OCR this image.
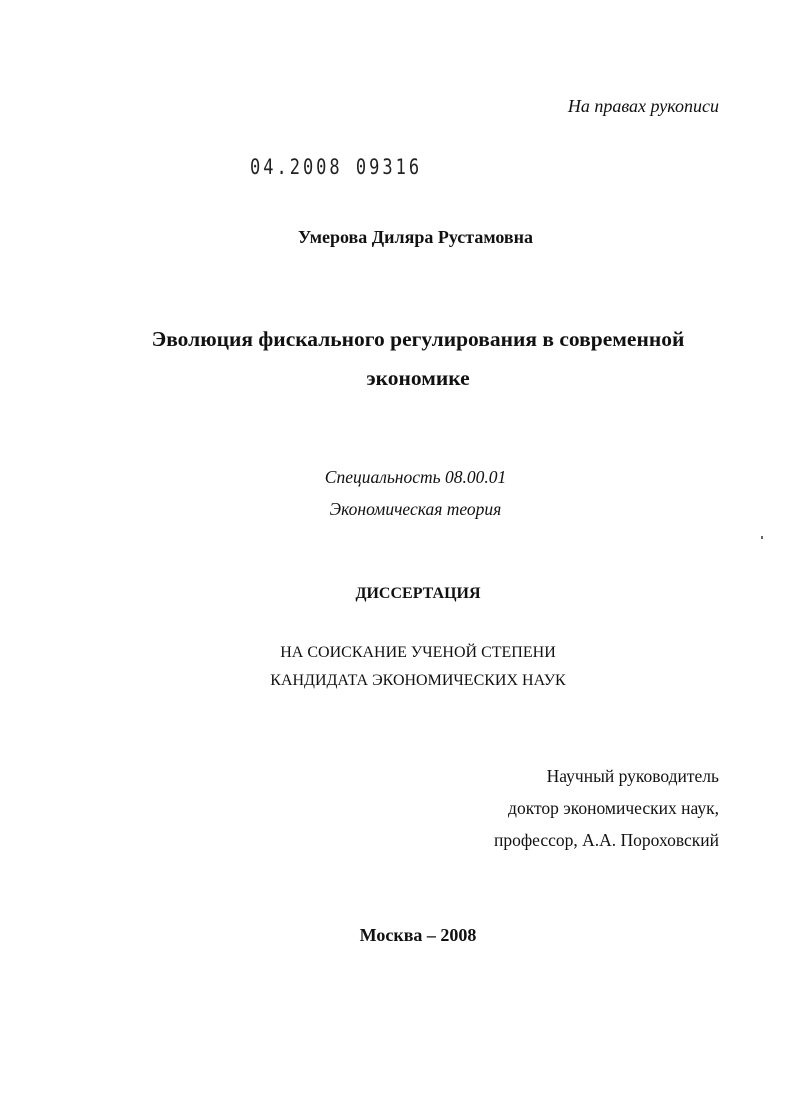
На правах рукописи
04.2008 09316
Умерова Диляра Рустамовна
Эволюция фискального регулирования в современной
экономике
Специальность 08.00.01
Экономическая теория
ДИССЕРТАЦИЯ
НА СОИСКАНИЕ УЧЕНОЙ СТЕПЕНИ
КАНДИДАТА ЭКОНОМИЧЕСКИХ НАУК
Научный руководитель
доктор экономических наук,
профессор, А.А. Пороховский
Москва – 2008
